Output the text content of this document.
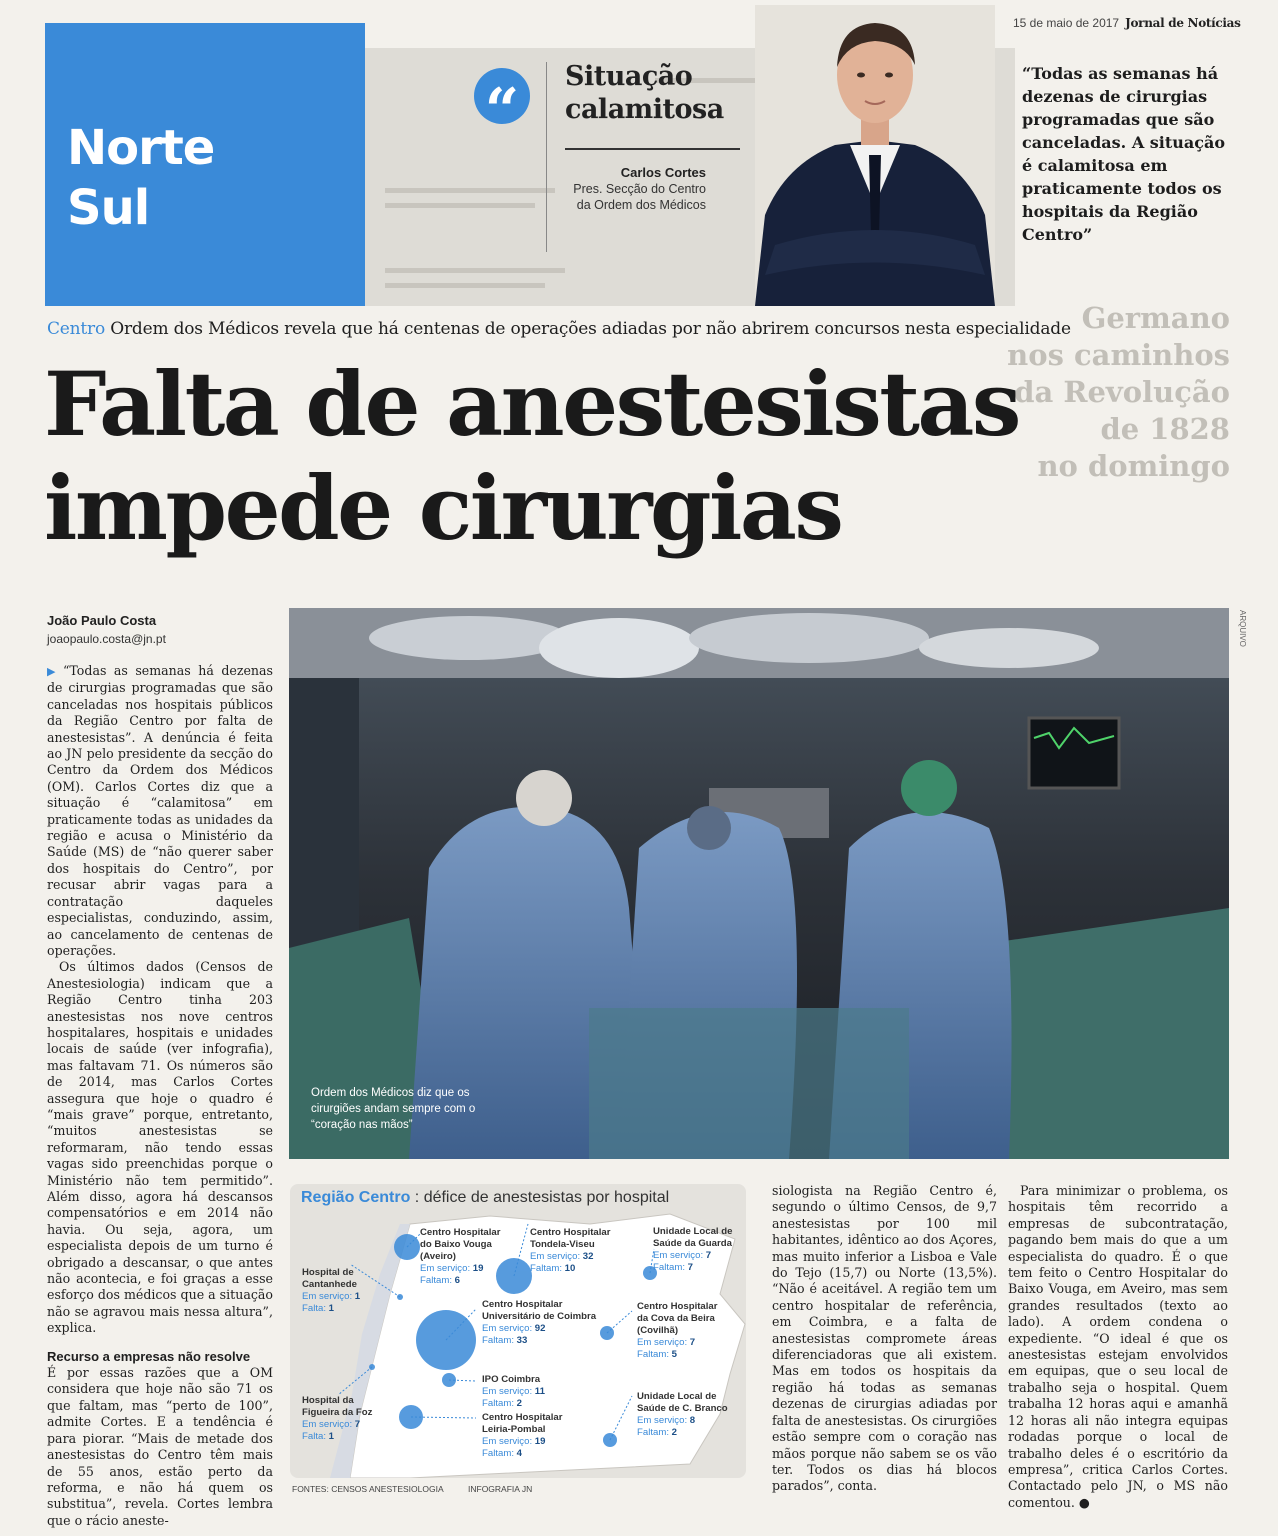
15 de maio de 2017 Jornal de Notícias
Norte
Sul
“	Situação
calamitosa
Carlos Cortes
Pres. Secção do Centro
da Ordem dos Médicos
“Todas as semanas há dezenas de cirurgias programadas que são canceladas. A situação é calamitosa em praticamente todos os hospitais da Região Centro”
Germano
nos caminhos
da Revolução
de 1828
no domingo
Centro Ordem dos Médicos revela que há centenas de operações adiadas por não abrirem concursos nesta especialidade
Falta de anestesistas
impede cirurgias
João Paulo Costa
joaopaulo.costa@jn.pt

▶ “Todas as semanas há dezenas de cirurgias programadas que são canceladas nos hospitais públicos da Região Centro por falta de anestesistas”. A denúncia é feita ao JN pelo presidente da secção do Centro da Ordem dos Médicos (OM). Carlos Cortes diz que a situação é “calamitosa” em praticamente todas as unidades da região e acusa o Ministério da Saúde (MS) de “não querer saber dos hospitais do Centro”, por recusar abrir vagas para a contratação daqueles especialistas, conduzindo, assim, ao cancelamento de centenas de operações.

Os últimos dados (Censos de Anestesiologia) indicam que a Região Centro tinha 203 anestesistas nos nove centros hospitalares, hospitais e unidades locais de saúde (ver infografia), mas faltavam 71. Os números são de 2014, mas Carlos Cortes assegura que hoje o quadro é “mais grave” porque, entretanto, “muitos anestesistas se reformaram, não tendo essas vagas sido preenchidas porque o Ministério não tem permitido”. Além disso, agora há descansos compensatórios e em 2014 não havia. Ou seja, agora, um especialista depois de um turno é obrigado a descansar, o que antes não acontecia, e foi graças a esse esforço dos médicos que a situação não se agravou mais nessa altura”, explica.

Recurso a empresas não resolve

É por essas razões que a OM considera que hoje não são 71 os que faltam, mas “perto de 100”, admite Cortes. E a tendência é para piorar. “Mais de metade dos anestesistas do Centro têm mais de 55 anos, estão perto da reforma, e não há quem os substitua”, revela. Cortes lembra que o rácio aneste-

ARQUIVO
Ordem dos Médicos diz que os cirurgiões andam sempre com o “coração nas mãos”
Região Centro : défice de anestesistas por hospital
Centro Hospitalar
do Baixo Vouga
(Aveiro)
Em serviço: 19
Faltam: 6
Centro Hospitalar
Tondela-Viseu
Em serviço: 32
Faltam: 10
Unidade Local de
Saúde da Guarda
Em serviço: 7
Faltam: 7
Hospital de
Cantanhede
Em serviço: 1
Falta: 1	Centro Hospitalar
Universitário de Coimbra
Em serviço: 92
Faltam: 33
Centro Hospitalar
da Cova da Beira
(Covilhã)
Em serviço: 7
Faltam: 5
IPO Coimbra
Em serviço: 11
Faltam: 2
Hospital da
Figueira da Foz
Em serviço: 7
Falta: 1
Centro Hospitalar
Leiria-Pombal
Em serviço: 19
Faltam: 4
Unidade Local de
Saúde de C. Branco
Em serviço: 8
Faltam: 2
FONTES: CENSOS ANESTESIOLOGIA	INFOGRAFIA JN

siologista na Região Centro é, segundo o último Censos, de 9,7 anestesistas por 100 mil habitantes, idêntico ao dos Açores, mas muito inferior a Lisboa e Vale do Tejo (15,7) ou Norte (13,5%). “Não é aceitável. A região tem um centro hospitalar de referência, em Coimbra, e a falta de anestesistas compromete áreas diferenciadoras que ali existem. Mas em todos os hospitais da região há todas as semanas dezenas de cirurgias adiadas por falta de anestesistas. Os cirurgiões estão sempre com o coração nas mãos porque não sabem se os vão ter. Todos os dias há blocos parados”, conta.

Para minimizar o problema, os hospitais têm recorrido a empresas de subcontratação, pagando bem mais do que a um especialista do quadro. É o que tem feito o Centro Hospitalar do Baixo Vouga, em Aveiro, mas sem grandes resultados (texto ao lado). A ordem condena o expediente. “O ideal é que os anestesistas estejam envolvidos em equipas, que o seu local de trabalho seja o hospital. Quem trabalha 12 horas aqui e amanhã 12 horas ali não integra equipas rodadas porque o local de trabalho deles é o escritório da empresa”, critica Carlos Cortes. Contactado pelo JN, o MS não comentou. ●
